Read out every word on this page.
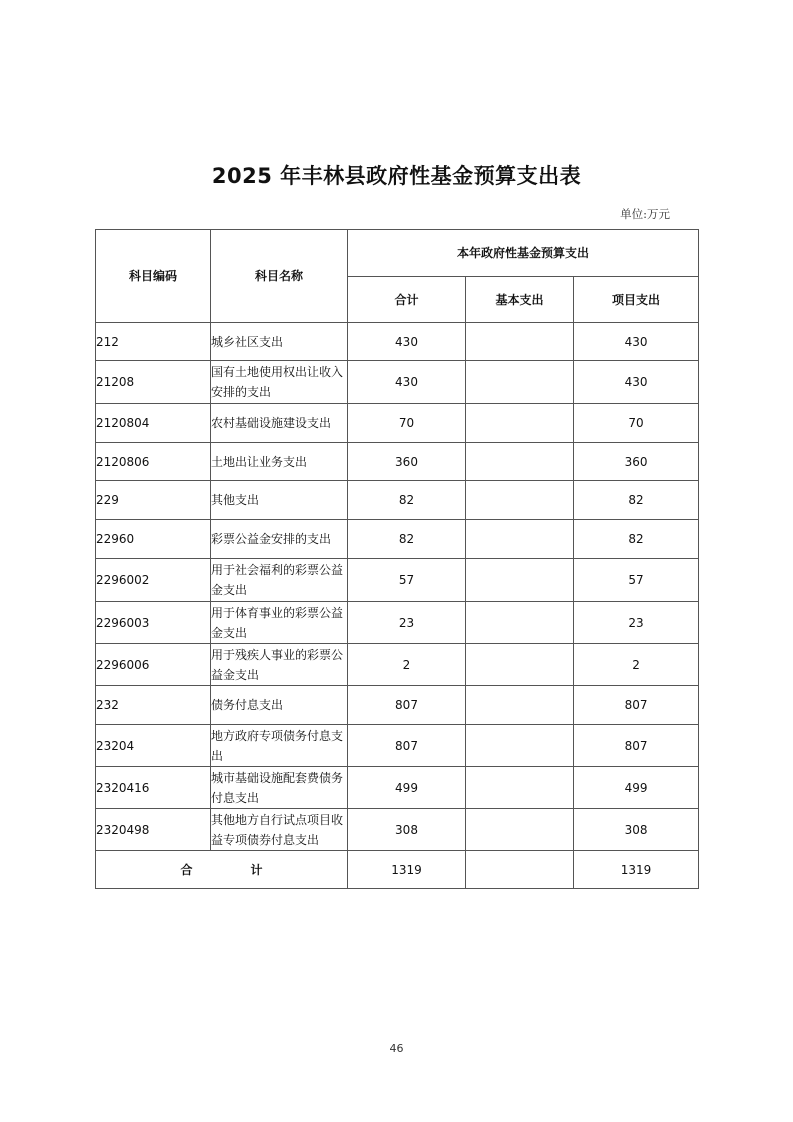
2025 年丰林县政府性基金预算支出表
单位:万元
科目编码	科目名称	本年政府性基金预算支出		
		合计	基本支出	项目支出
212	城乡社区支出	430		430
21208	国有土地使用权出让收入安排的支出	430		430
2120804	农村基础设施建设支出	70		70
2120806	土地出让业务支出	360		360
229	其他支出	82		82
22960	彩票公益金安排的支出	82		82
2296002	用于社会福利的彩票公益金支出	57		57
2296003	用于体育事业的彩票公益金支出	23		23
2296006	用于残疾人事业的彩票公益金支出	2		2
232	债务付息支出	807		807
23204	地方政府专项债务付息支出	807		807
2320416	城市基础设施配套费债务付息支出	499		499
2320498	其他地方自行试点项目收益专项债券付息支出	308		308
合 计		1319		1319
46
